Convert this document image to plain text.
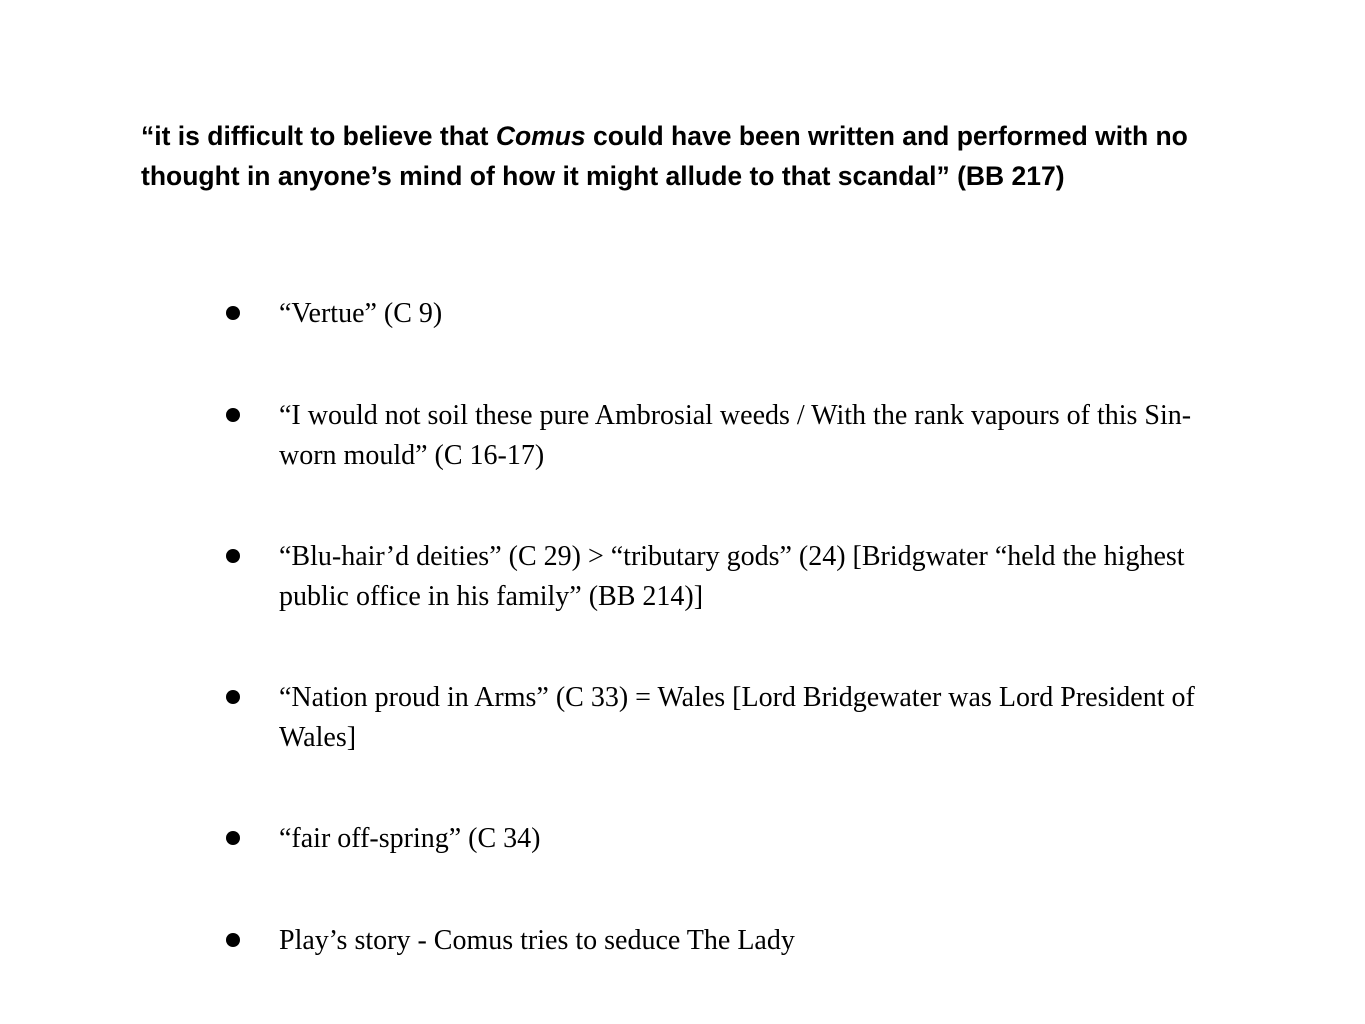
“it is difficult to believe that Comus could have been written and performed with no thought in anyone’s mind of how it might allude to that scandal” (BB 217)

“Vertue” (C 9)
“I would not soil these pure Ambrosial weeds / With the rank vapours of this Sin-worn mould” (C 16-17)
“Blu-hair’d deities” (C 29) > “tributary gods” (24) [Bridgwater “held the highest public office in his family” (BB 214)]
“Nation proud in Arms” (C 33) = Wales [Lord Bridgewater was Lord President of Wales]
“fair off-spring” (C 34)
Play’s story - Comus tries to seduce The Lady
